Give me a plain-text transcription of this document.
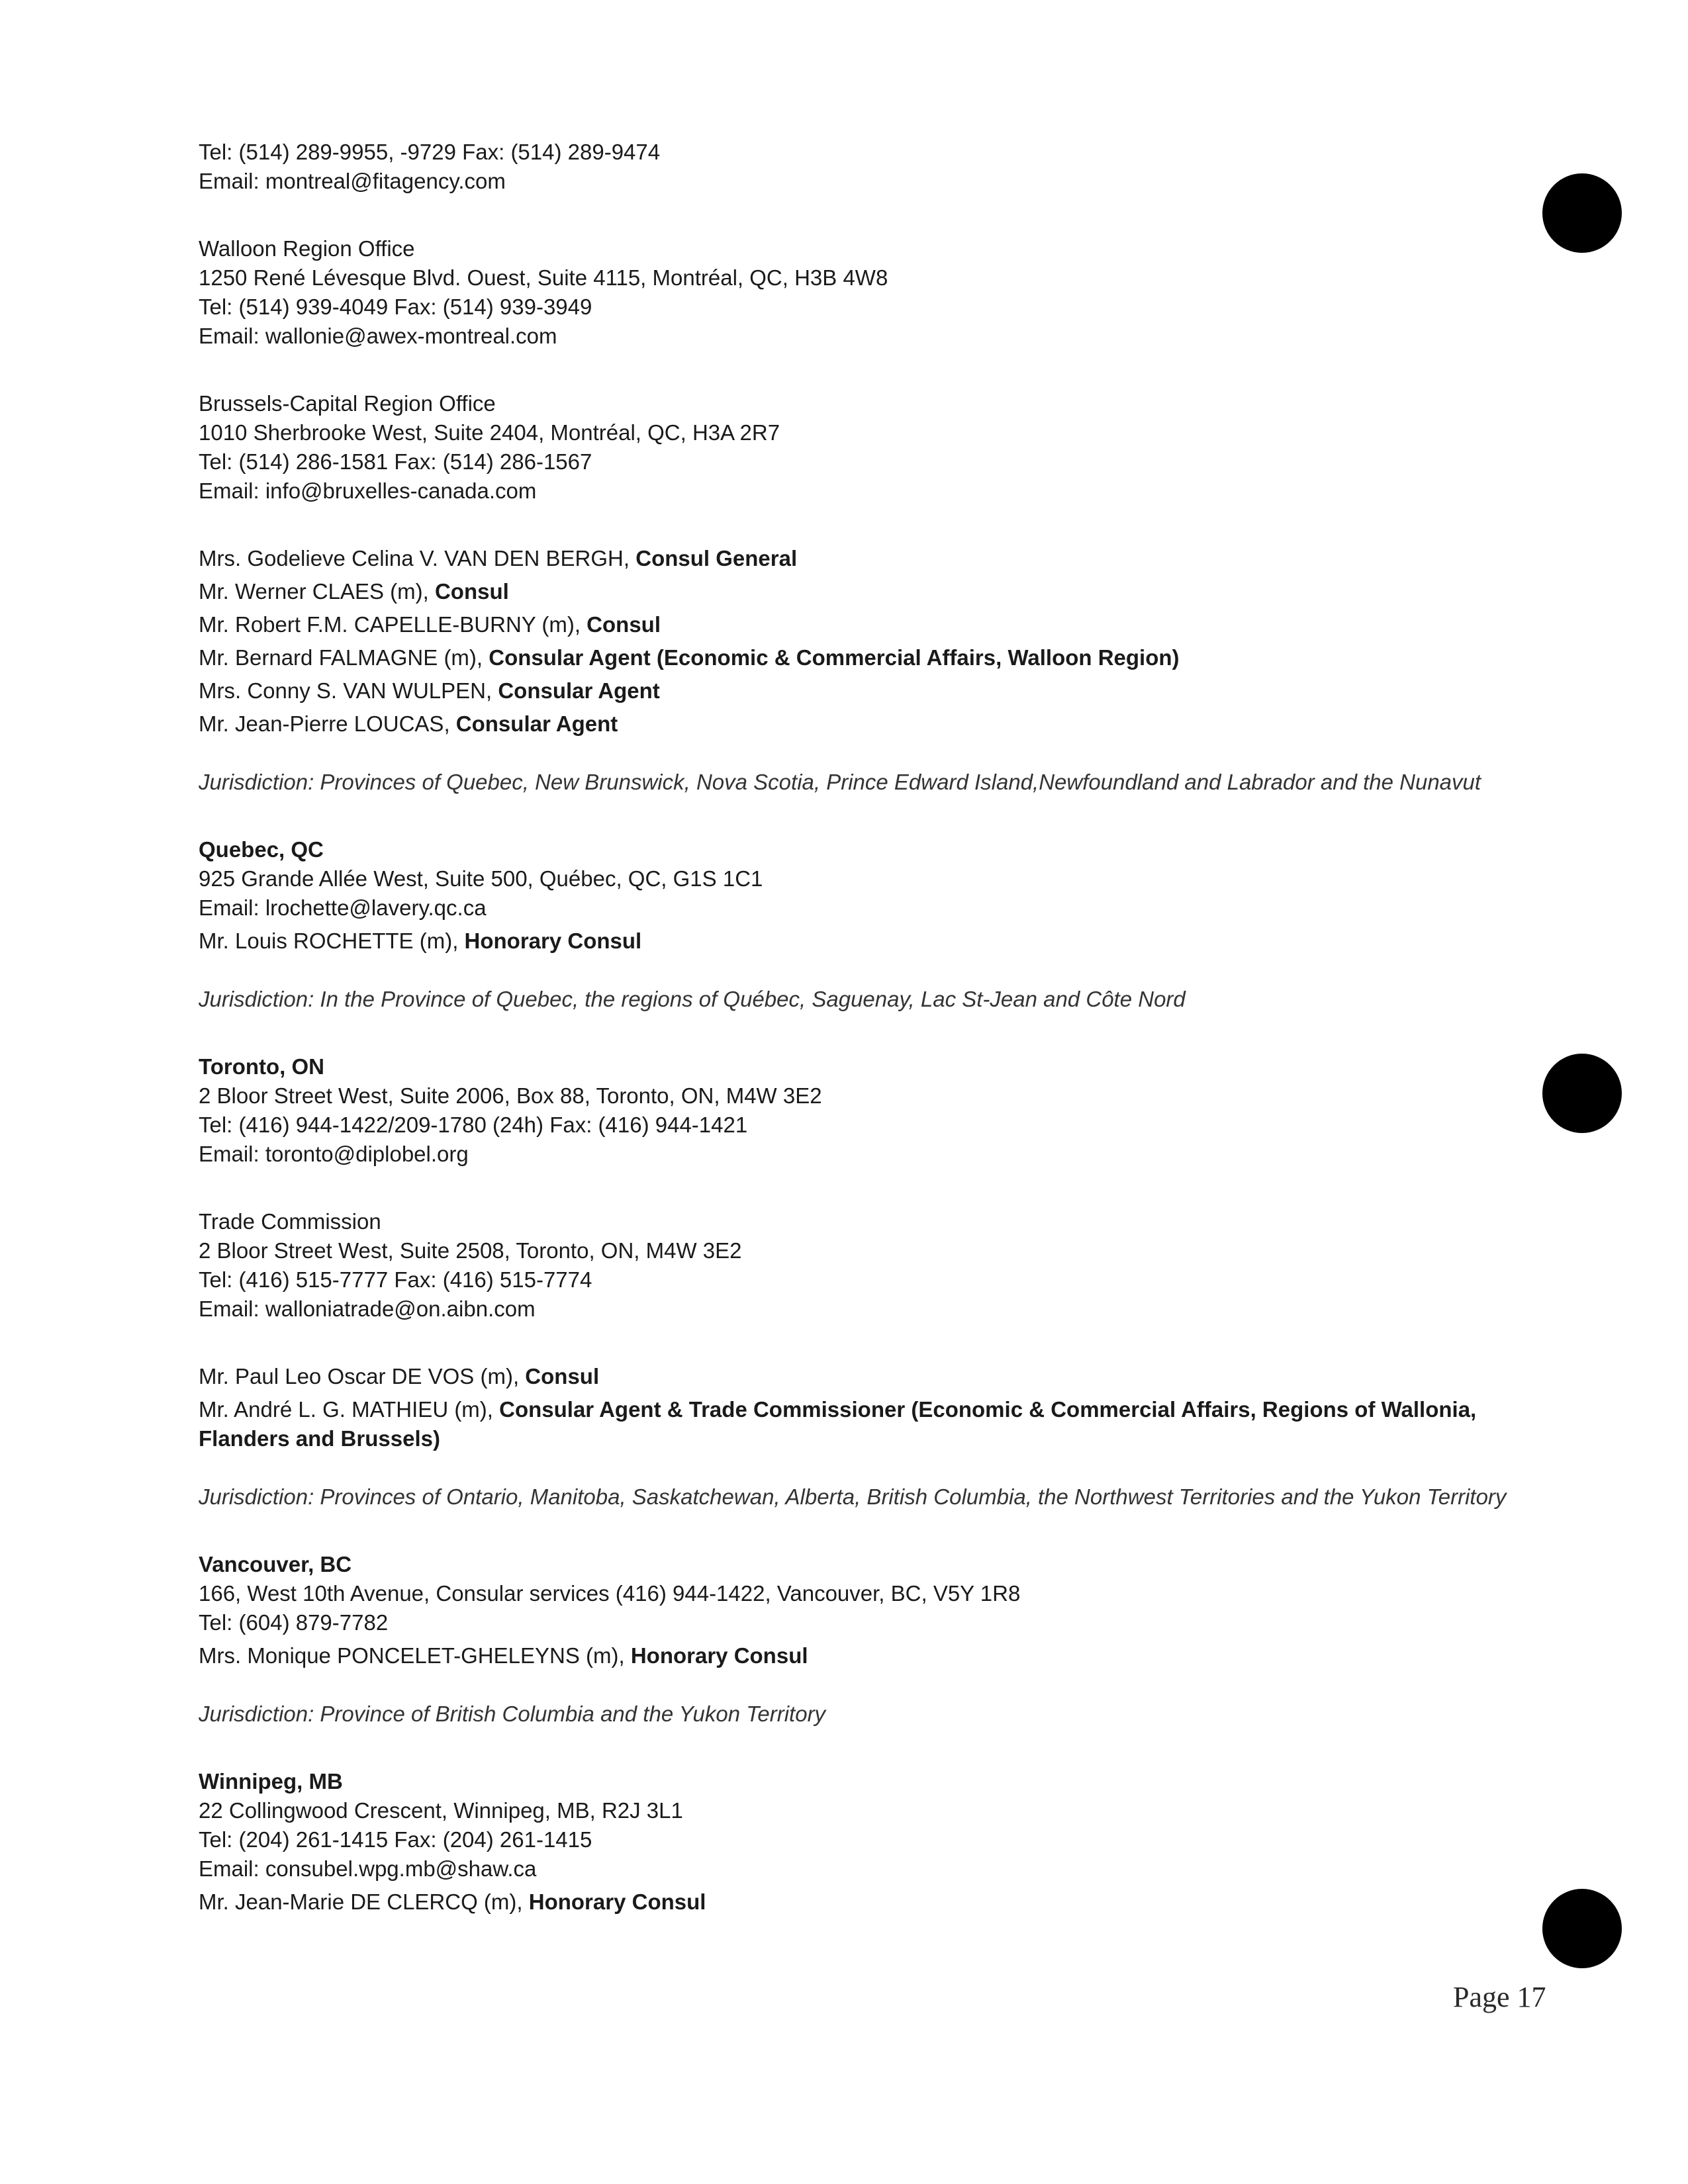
Tel: (514) 289-9955, -9729 Fax: (514) 289-9474
Email: montreal@fitagency.com
Walloon Region Office
1250 René Lévesque Blvd. Ouest, Suite 4115, Montréal, QC, H3B 4W8
Tel: (514) 939-4049 Fax: (514) 939-3949
Email: wallonie@awex-montreal.com
Brussels-Capital Region Office
1010 Sherbrooke West, Suite 2404, Montréal, QC, H3A 2R7
Tel: (514) 286-1581 Fax: (514) 286-1567
Email: info@bruxelles-canada.com
Mrs. Godelieve Celina V. VAN DEN BERGH, Consul General
Mr. Werner CLAES (m), Consul
Mr. Robert F.M. CAPELLE-BURNY (m), Consul
Mr. Bernard FALMAGNE (m), Consular Agent (Economic & Commercial Affairs, Walloon Region)
Mrs. Conny S. VAN WULPEN, Consular Agent
Mr. Jean-Pierre LOUCAS, Consular Agent
Jurisdiction: Provinces of Quebec, New Brunswick, Nova Scotia, Prince Edward Island,Newfoundland and Labrador and the Nunavut
Quebec, QC
925 Grande Allée West, Suite 500, Québec, QC, G1S 1C1
Email: lrochette@lavery.qc.ca
Mr. Louis ROCHETTE (m), Honorary Consul
Jurisdiction: In the Province of Quebec, the regions of Québec, Saguenay, Lac St-Jean and Côte Nord
Toronto, ON
2 Bloor Street West, Suite 2006, Box 88, Toronto, ON, M4W 3E2
Tel: (416) 944-1422/209-1780 (24h) Fax: (416) 944-1421
Email: toronto@diplobel.org
Trade Commission
2 Bloor Street West, Suite 2508, Toronto, ON, M4W 3E2
Tel: (416) 515-7777 Fax: (416) 515-7774
Email: walloniatrade@on.aibn.com
Mr. Paul Leo Oscar DE VOS (m), Consul
Mr. André L. G. MATHIEU (m), Consular Agent & Trade Commissioner (Economic & Commercial Affairs, Regions of Wallonia, Flanders and Brussels)
Jurisdiction: Provinces of Ontario, Manitoba, Saskatchewan, Alberta, British Columbia, the Northwest Territories and the Yukon Territory
Vancouver, BC
166, West 10th Avenue, Consular services (416) 944-1422, Vancouver, BC, V5Y 1R8
Tel: (604) 879-7782
Mrs. Monique PONCELET-GHELEYNS (m), Honorary Consul
Jurisdiction: Province of British Columbia and the Yukon Territory
Winnipeg, MB
22 Collingwood Crescent, Winnipeg, MB, R2J 3L1
Tel: (204) 261-1415 Fax: (204) 261-1415
Email: consubel.wpg.mb@shaw.ca
Mr. Jean-Marie DE CLERCQ (m), Honorary Consul
Page 17
